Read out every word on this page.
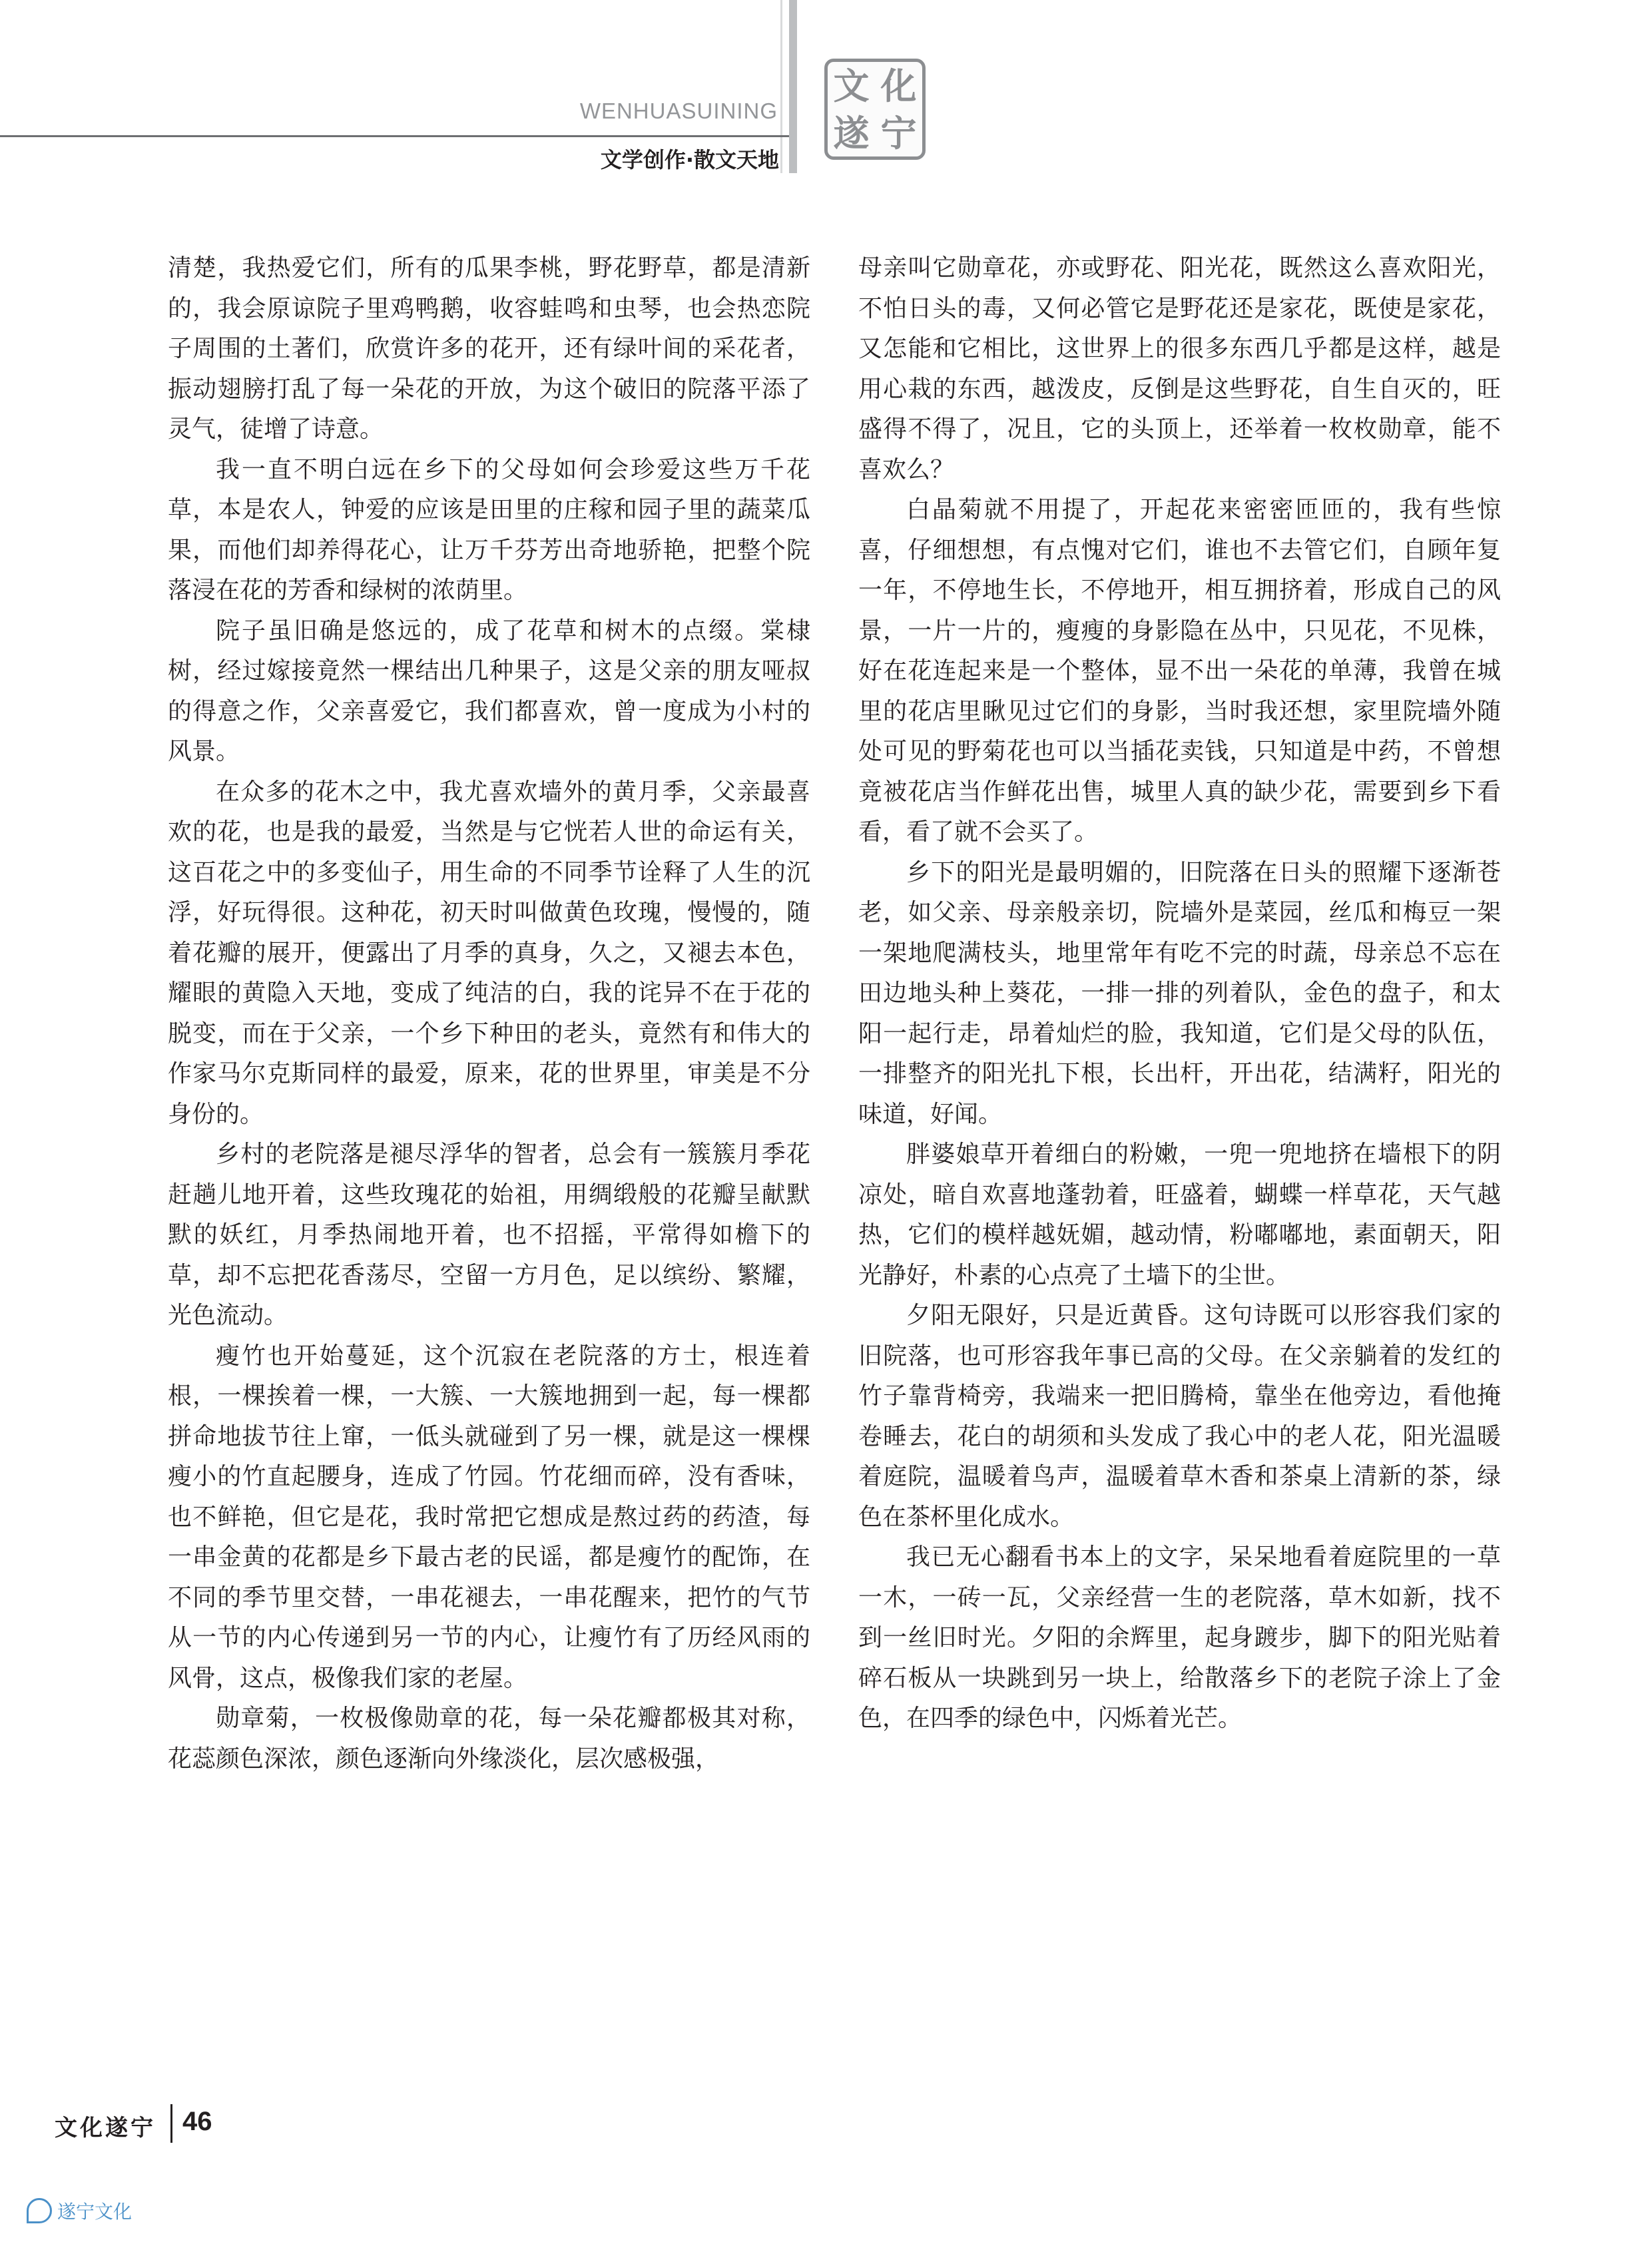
WENHUASUINING
文学创作·散文天地
文 化
遂 宁

清楚，我热爱它们，所有的瓜果李桃，野花野草，都是清新的，我会原谅院子里鸡鸭鹅，收容蛙鸣和虫琴，也会热恋院子周围的土著们，欣赏许多的花开，还有绿叶间的采花者，振动翅膀打乱了每一朵花的开放，为这个破旧的院落平添了灵气，徒增了诗意。

我一直不明白远在乡下的父母如何会珍爱这些万千花草，本是农人，钟爱的应该是田里的庄稼和园子里的蔬菜瓜果，而他们却养得花心，让万千芬芳出奇地骄艳，把整个院落浸在花的芳香和绿树的浓荫里。

院子虽旧确是悠远的，成了花草和树木的点缀。棠棣树，经过嫁接竟然一棵结出几种果子，这是父亲的朋友哑叔的得意之作，父亲喜爱它，我们都喜欢，曾一度成为小村的风景。

在众多的花木之中，我尤喜欢墙外的黄月季，父亲最喜欢的花，也是我的最爱，当然是与它恍若人世的命运有关，这百花之中的多变仙子，用生命的不同季节诠释了人生的沉浮，好玩得很。这种花，初天时叫做黄色玫瑰，慢慢的，随着花瓣的展开，便露出了月季的真身，久之，又褪去本色，耀眼的黄隐入天地，变成了纯洁的白，我的诧异不在于花的脱变，而在于父亲，一个乡下种田的老头，竟然有和伟大的作家马尔克斯同样的最爱，原来，花的世界里，审美是不分身份的。

乡村的老院落是褪尽浮华的智者，总会有一簇簇月季花赶趟儿地开着，这些玫瑰花的始祖，用绸缎般的花瓣呈献默默的妖红，月季热闹地开着，也不招摇，平常得如檐下的草，却不忘把花香荡尽，空留一方月色，足以缤纷、繁耀，光色流动。

瘦竹也开始蔓延，这个沉寂在老院落的方士，根连着根，一棵挨着一棵，一大簇、一大簇地拥到一起，每一棵都拼命地拔节往上窜，一低头就碰到了另一棵，就是这一棵棵瘦小的竹直起腰身，连成了竹园。竹花细而碎，没有香味，也不鲜艳，但它是花，我时常把它想成是熬过药的药渣，每一串金黄的花都是乡下最古老的民谣，都是瘦竹的配饰，在不同的季节里交替，一串花褪去，一串花醒来，把竹的气节从一节的内心传递到另一节的内心，让瘦竹有了历经风雨的风骨，这点，极像我们家的老屋。

勋章菊，一枚极像勋章的花，每一朵花瓣都极其对称，花蕊颜色深浓，颜色逐渐向外缘淡化，层次感极强，

母亲叫它勋章花，亦或野花、阳光花，既然这么喜欢阳光，不怕日头的毒，又何必管它是野花还是家花，既使是家花，又怎能和它相比，这世界上的很多东西几乎都是这样，越是用心栽的东西，越泼皮，反倒是这些野花，自生自灭的，旺盛得不得了，况且，它的头顶上，还举着一枚枚勋章，能不喜欢么？

白晶菊就不用提了，开起花来密密匝匝的，我有些惊喜，仔细想想，有点愧对它们，谁也不去管它们，自顾年复一年，不停地生长，不停地开，相互拥挤着，形成自己的风景，一片一片的，瘦瘦的身影隐在丛中，只见花，不见株，好在花连起来是一个整体，显不出一朵花的单薄，我曾在城里的花店里瞅见过它们的身影，当时我还想，家里院墙外随处可见的野菊花也可以当插花卖钱，只知道是中药，不曾想竟被花店当作鲜花出售，城里人真的缺少花，需要到乡下看看，看了就不会买了。

乡下的阳光是最明媚的，旧院落在日头的照耀下逐渐苍老，如父亲、母亲般亲切，院墙外是菜园，丝瓜和梅豆一架一架地爬满枝头，地里常年有吃不完的时蔬，母亲总不忘在田边地头种上葵花，一排一排的列着队，金色的盘子，和太阳一起行走，昂着灿烂的脸，我知道，它们是父母的队伍，一排整齐的阳光扎下根，长出杆，开出花，结满籽，阳光的味道，好闻。

胖婆娘草开着细白的粉嫩，一兜一兜地挤在墙根下的阴凉处，暗自欢喜地蓬勃着，旺盛着，蝴蝶一样草花，天气越热，它们的模样越妩媚，越动情，粉嘟嘟地，素面朝天，阳光静好，朴素的心点亮了土墙下的尘世。

夕阳无限好，只是近黄昏。这句诗既可以形容我们家的旧院落，也可形容我年事已高的父母。在父亲躺着的发红的竹子靠背椅旁，我端来一把旧腾椅，靠坐在他旁边，看他掩卷睡去，花白的胡须和头发成了我心中的老人花，阳光温暖着庭院，温暖着鸟声，温暖着草木香和茶桌上清新的茶，绿色在茶杯里化成水。

我已无心翻看书本上的文字，呆呆地看着庭院里的一草一木，一砖一瓦，父亲经营一生的老院落，草木如新，找不到一丝旧时光。夕阳的余辉里，起身踱步，脚下的阳光贴着碎石板从一块跳到另一块上，给散落乡下的老院子涂上了金色，在四季的绿色中，闪烁着光芒。

文化遂宁 46
遂宁文化
